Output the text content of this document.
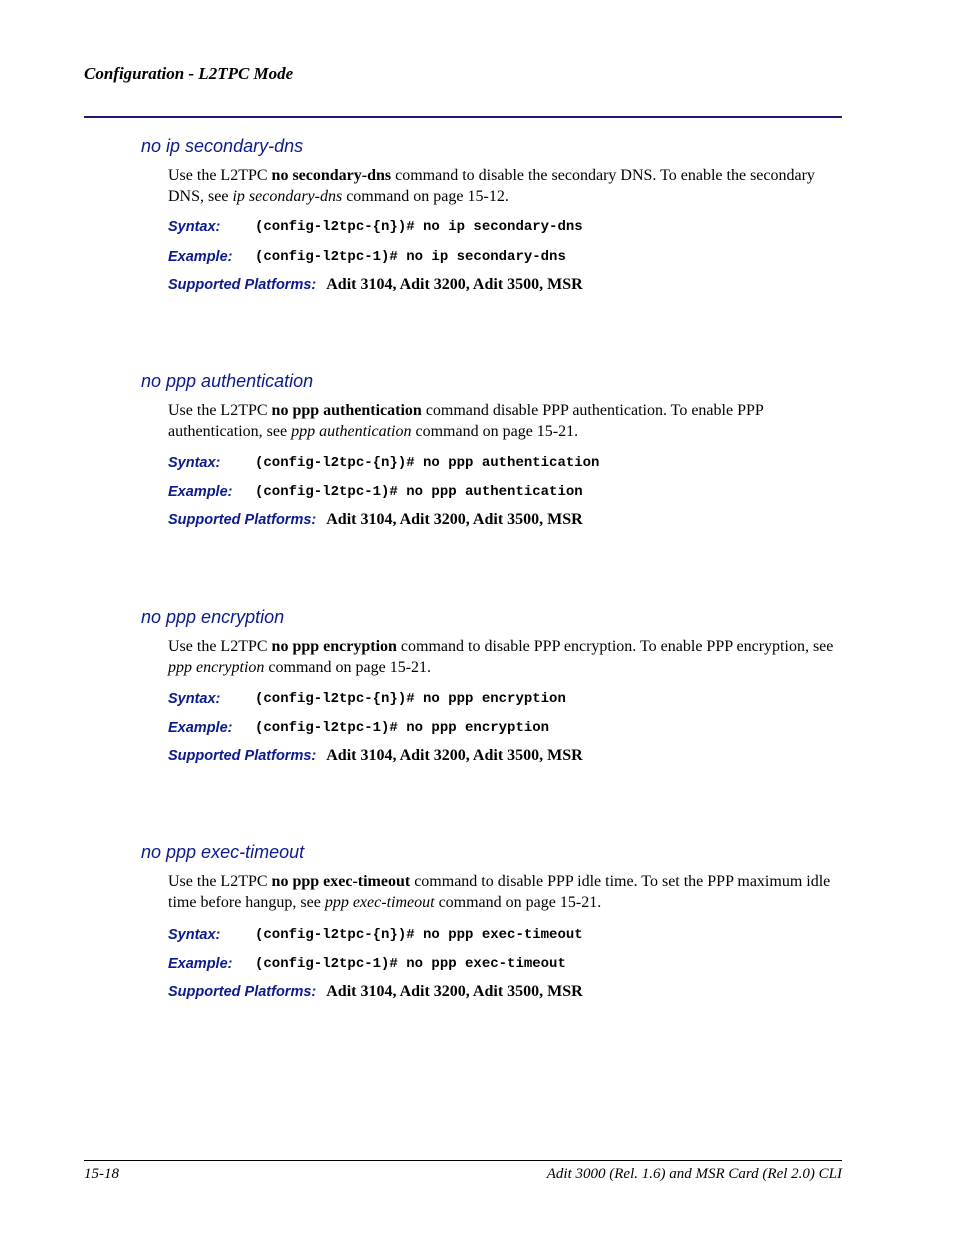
Configuration - L2TPC Mode
no ip secondary-dns
Use the L2TPC no secondary-dns command to disable the secondary DNS. To enable the secondary DNS, see ip secondary-dns command on page 15-12.
Syntax: (config-l2tpc-{n})# no ip secondary-dns
Example: (config-l2tpc-1)# no ip secondary-dns
Supported Platforms: Adit 3104, Adit 3200, Adit 3500, MSR
no ppp authentication
Use the L2TPC no ppp authentication command disable PPP authentication. To enable PPP authentication, see ppp authentication command on page 15-21.
Syntax: (config-l2tpc-{n})# no ppp authentication
Example: (config-l2tpc-1)# no ppp authentication
Supported Platforms: Adit 3104, Adit 3200, Adit 3500, MSR
no ppp encryption
Use the L2TPC no ppp encryption command to disable PPP encryption. To enable PPP encryption, see ppp encryption command on page 15-21.
Syntax: (config-l2tpc-{n})# no ppp encryption
Example: (config-l2tpc-1)# no ppp encryption
Supported Platforms: Adit 3104, Adit 3200, Adit 3500, MSR
no ppp exec-timeout
Use the L2TPC no ppp exec-timeout command to disable PPP idle time. To set the PPP maximum idle time before hangup, see ppp exec-timeout command on page 15-21.
Syntax: (config-l2tpc-{n})# no ppp exec-timeout
Example: (config-l2tpc-1)# no ppp exec-timeout
Supported Platforms: Adit 3104, Adit 3200, Adit 3500, MSR
15-18	Adit 3000 (Rel. 1.6) and MSR Card (Rel 2.0) CLI
